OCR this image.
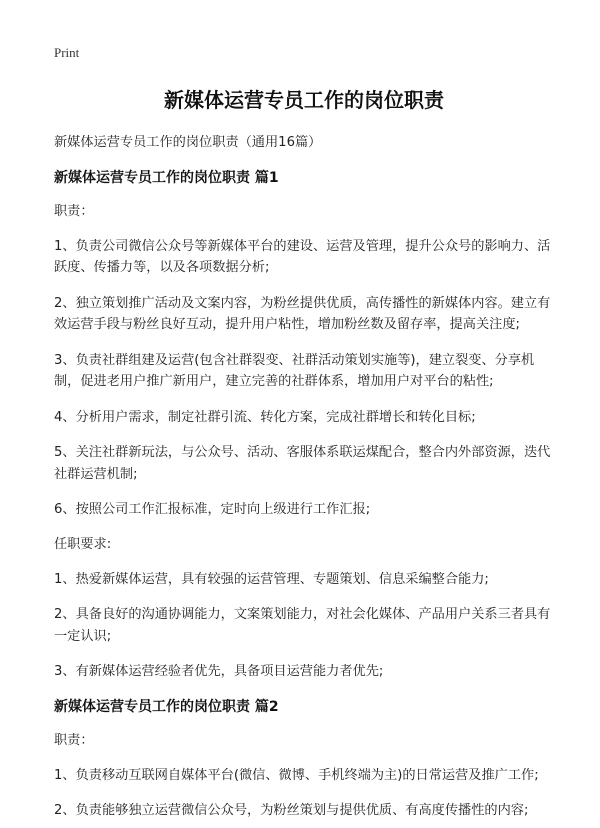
Print
新媒体运营专员工作的岗位职责

新媒体运营专员工作的岗位职责（通用16篇）

新媒体运营专员工作的岗位职责 篇1

职责：

1、负责公司微信公众号等新媒体平台的建设、运营及管理，提升公众号的影响力、活跃度、传播力等，以及各项数据分析;

2、独立策划推广活动及文案内容，为粉丝提供优质，高传播性的新媒体内容。建立有效运营手段与粉丝良好互动，提升用户粘性，增加粉丝数及留存率，提高关注度;

3、负责社群组建及运营(包含社群裂变、社群活动策划实施等)，建立裂变、分享机制，促进老用户推广新用户，建立完善的社群体系，增加用户对平台的粘性;

4、分析用户需求，制定社群引流、转化方案，完成社群增长和转化目标;

5、关注社群新玩法，与公众号、活动、客服体系联运煤配合，整合内外部资源，迭代社群运营机制;

6、按照公司工作汇报标准，定时向上级进行工作汇报;

任职要求:

1、热爱新媒体运营，具有较强的运营管理、专题策划、信息采编整合能力;

2、具备良好的沟通协调能力，文案策划能力，对社会化媒体、产品用户关系三者具有一定认识;

3、有新媒体运营经验者优先，具备项目运营能力者优先;

新媒体运营专员工作的岗位职责 篇2

职责：

1、负责移动互联网自媒体平台(微信、微博、手机终端为主)的日常运营及推广工作;

2、负责能够独立运营微信公众号，为粉丝策划与提供优质、有高度传播性的内容;
